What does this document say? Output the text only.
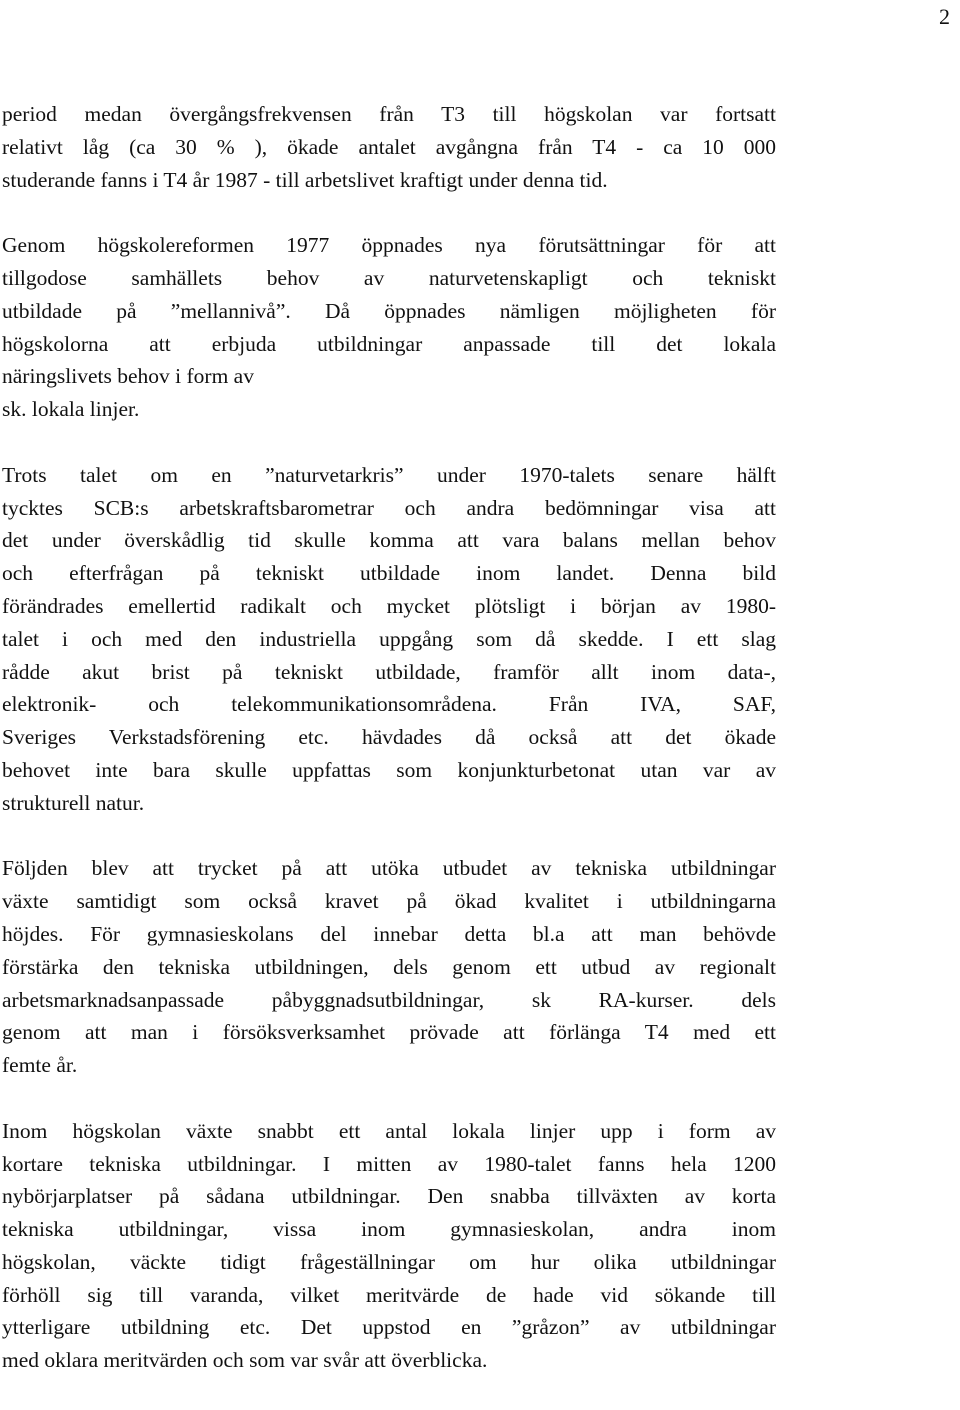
2

period medan övergångsfrekvensen från T3 till högskolan var fortsatt
relativt låg (ca 30 % ), ökade antalet avgångna från T4 - ca 10 000
studerande fanns i T4 år 1987 - till arbetslivet kraftigt under denna tid.

Genom högskolereformen 1977 öppnades nya förutsättningar för att
tillgodose samhällets behov av naturvetenskapligt och tekniskt
utbildade på ”mellannivå”. Då öppnades nämligen möjligheten för
högskolorna att erbjuda utbildningar anpassade till det lokala
näringslivets behov i form av
sk. lokala linjer.

Trots talet om en ”naturvetarkris” under 1970-talets senare hälft
tycktes SCB:s arbetskraftsbarometrar och andra bedömningar visa att
det under överskådlig tid skulle komma att vara balans mellan behov
och efterfrågan på tekniskt utbildade inom landet. Denna bild
förändrades emellertid radikalt och mycket plötsligt i början av 1980-
talet i och med den industriella uppgång som då skedde. I ett slag
rådde akut brist på tekniskt utbildade, framför allt inom data-,
elektronik- och telekommunikationsområdena. Från IVA, SAF,
Sveriges Verkstadsförening etc. hävdades då också att det ökade
behovet inte bara skulle uppfattas som konjunkturbetonat utan var av
strukturell natur.

Följden blev att trycket på att utöka utbudet av tekniska utbildningar
växte samtidigt som också kravet på ökad kvalitet i utbildningarna
höjdes. För gymnasieskolans del innebar detta bl.a att man behövde
förstärka den tekniska utbildningen, dels genom ett utbud av regionalt
arbetsmarknadsanpassade påbyggnadsutbildningar, sk RA-kurser. dels
genom att man i försöksverksamhet prövade att förlänga T4 med ett
femte år.

Inom högskolan växte snabbt ett antal lokala linjer upp i form av
kortare tekniska utbildningar. I mitten av 1980-talet fanns hela 1200
nybörjarplatser på sådana utbildningar. Den snabba tillväxten av korta
tekniska utbildningar, vissa inom gymnasieskolan, andra inom
högskolan, väckte tidigt frågeställningar om hur olika utbildningar
förhöll sig till varanda, vilket meritvärde de hade vid sökande till
ytterligare utbildning etc. Det uppstod en ”gråzon” av utbildningar
med oklara meritvärden och som var svår att överblicka.
